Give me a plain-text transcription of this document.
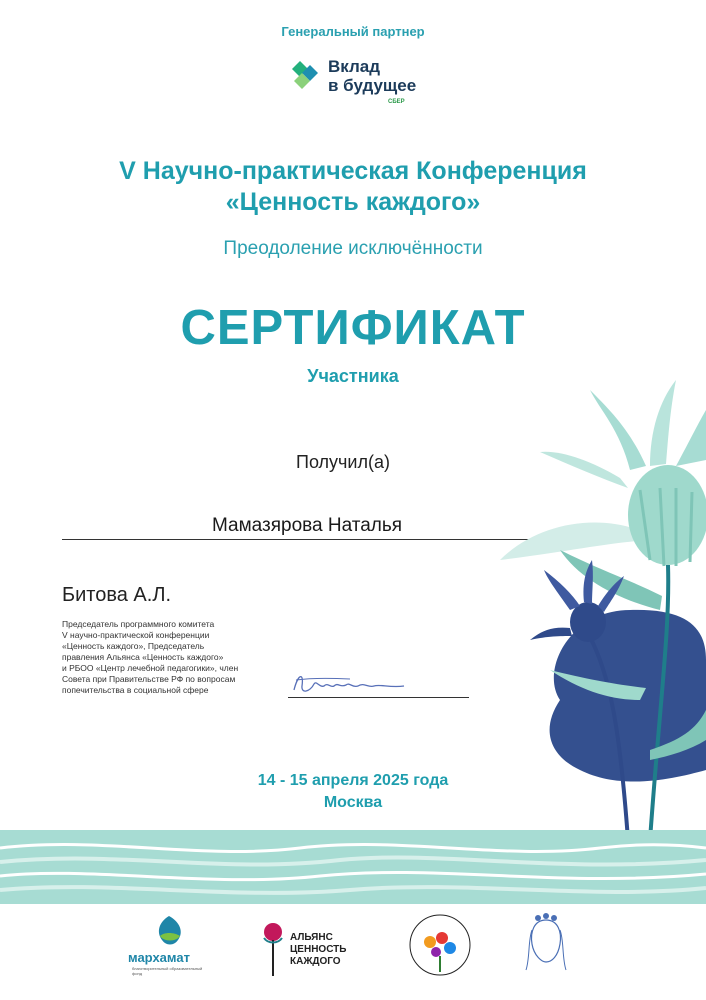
Генеральный партнер
Вклад
в будущее
СБЕР
V Научно-практическая Конференция
«Ценность каждого»
Преодоление исключённости
СЕРТИФИКАТ
Участника
Получил(а)
Мамазярова Наталья
Битова А.Л.
Председатель программного комитета
V научно-практической конференции
«Ценность каждого», Председатель
правления Альянса «Ценность каждого»
и РБОО «Центр лечебной педагогики», член
Совета при Правительстве РФ по вопросам
попечительства в социальной сфере
14 - 15 апреля 2025 года
Москва
мархамат
благотворительный образовательный фонд
АЛЬЯНС
ЦЕННОСТЬ
КАЖДОГО
